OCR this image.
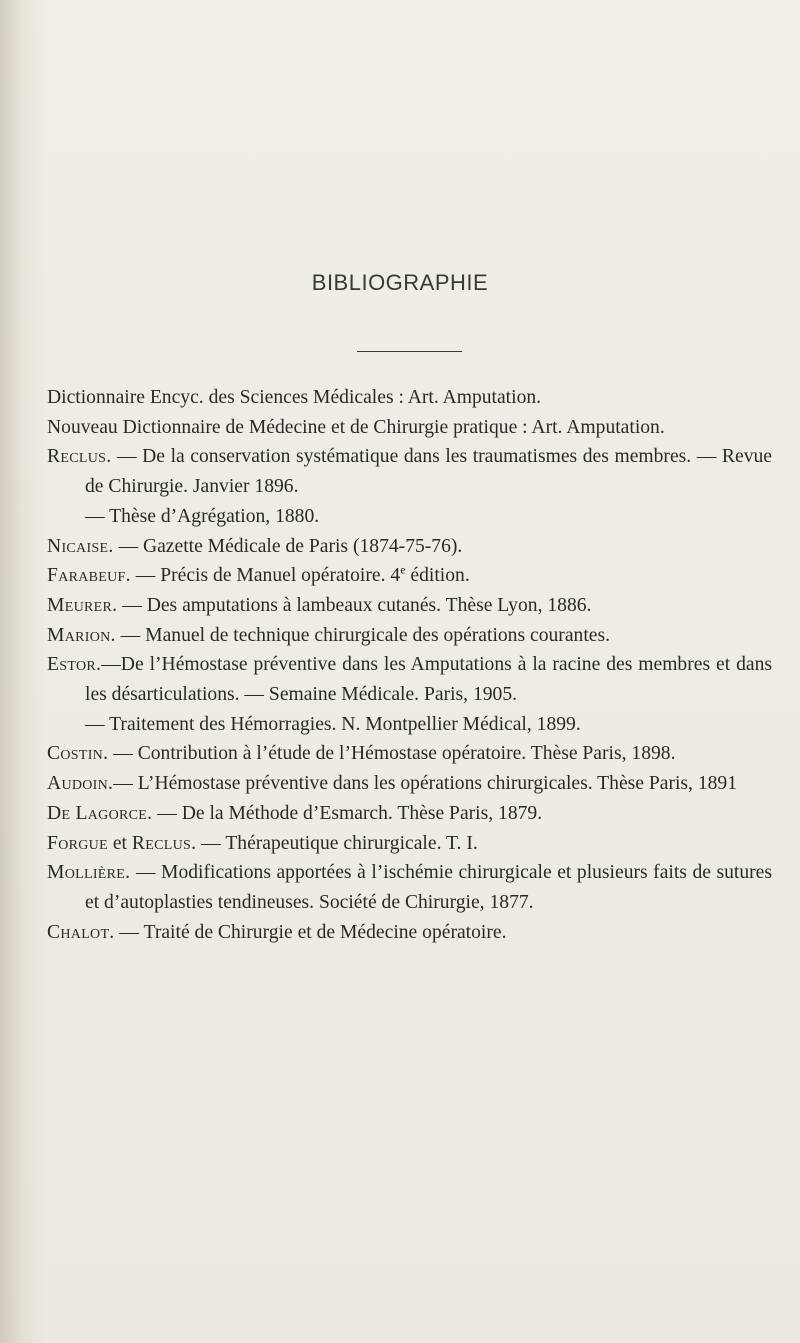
BIBLIOGRAPHIE

Dictionnaire Encyc. des Sciences Médicales : Art. Amputation.

Nouveau Dictionnaire de Médecine et de Chirurgie pratique : Art. Amputation.

Reclus. — De la conservation systématique dans les traumatismes des membres. — Revue de Chirurgie. Janvier 1896.

— Thèse d’Agrégation, 1880.

Nicaise. — Gazette Médicale de Paris (1874-75-76).

Farabeuf. — Précis de Manuel opératoire. 4e édition.

Meurer. — Des amputations à lambeaux cutanés. Thèse Lyon, 1886.

Marion. — Manuel de technique chirurgicale des opérations courantes.

Estor.—De l’Hémostase préventive dans les Amputations à la racine des membres et dans les désarticulations. — Semaine Médicale. Paris, 1905.

— Traitement des Hémorragies. N. Montpellier Médical, 1899.

Costin. — Contribution à l’étude de l’Hémostase opératoire. Thèse Paris, 1898.

Audoin.— L’Hémostase préventive dans les opérations chirurgicales. Thèse Paris, 1891

De Lagorce. — De la Méthode d’Esmarch. Thèse Paris, 1879.

Forgue et Reclus. — Thérapeutique chirurgicale. T. I.

Mollière. — Modifications apportées à l’ischémie chirurgicale et plusieurs faits de sutures et d’autoplasties tendineuses. Société de Chirurgie, 1877.

Chalot. — Traité de Chirurgie et de Médecine opératoire.
